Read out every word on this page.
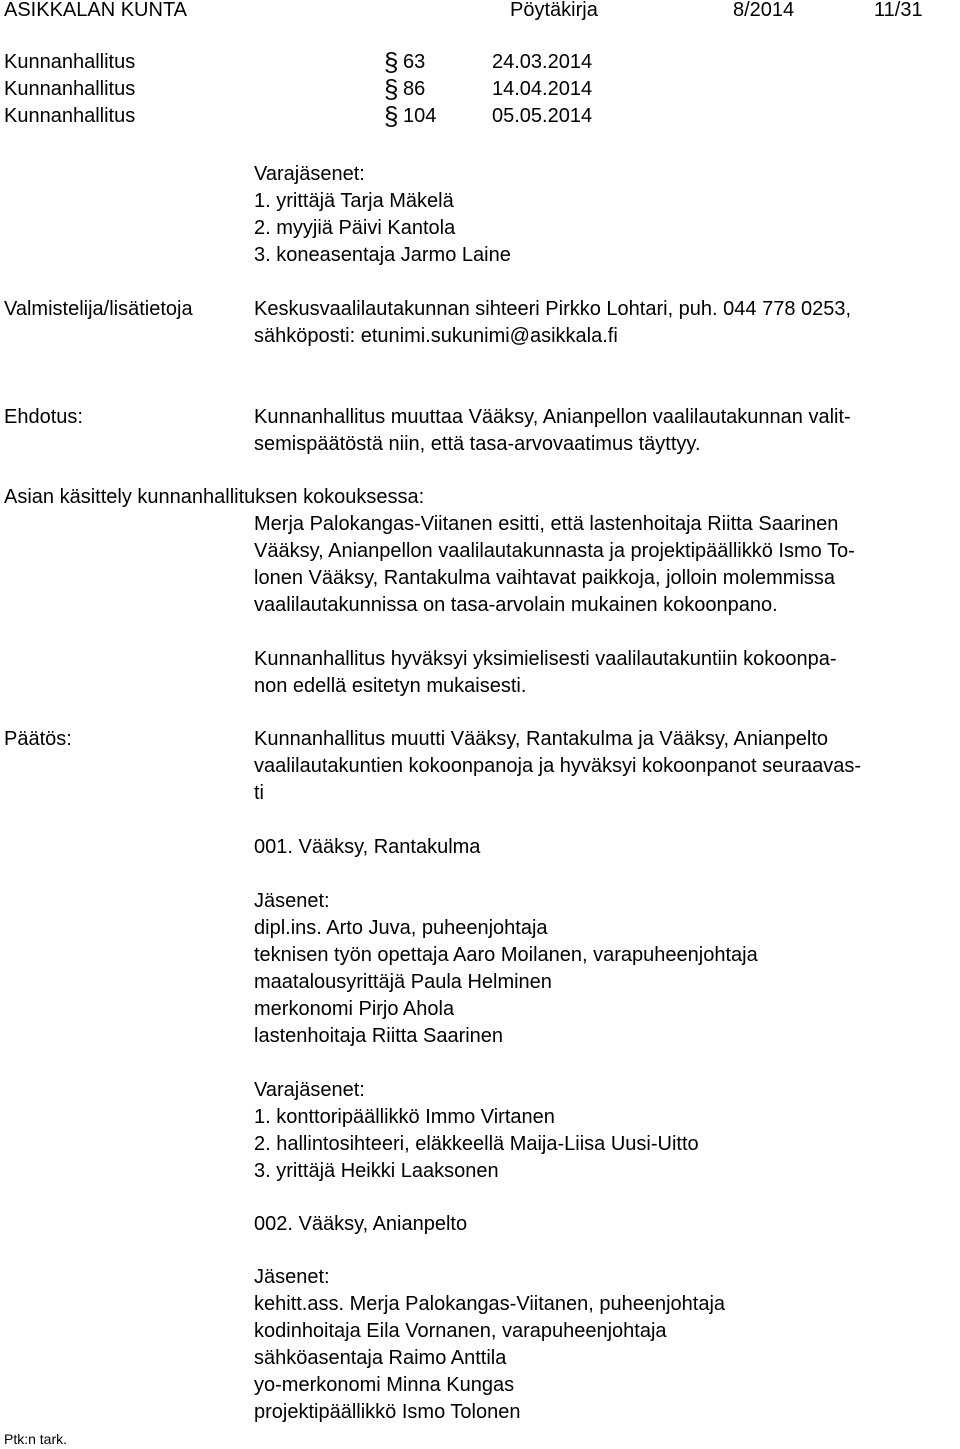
ASIKKALAN KUNTA	Pöytäkirja	8/2014	11/31
Kunnanhallitus	§ 63	24.03.2014
Kunnanhallitus	§ 86	14.04.2014
Kunnanhallitus	§ 104	05.05.2014
Varajäsenet:
1. yrittäjä Tarja Mäkelä
2. myyjiä Päivi Kantola
3. koneasentaja Jarmo Laine
Valmistelija/lisätietoja	Keskusvaalilautakunnan sihteeri Pirkko Lohtari, puh. 044 778 0253,
sähköposti: etunimi.sukunimi@asikkala.fi
Ehdotus:	Kunnanhallitus muuttaa Vääksy, Anianpellon vaalilautakunnan valit-
semispäätöstä niin, että tasa-arvovaatimus täyttyy.
Asian käsittely kunnanhallituksen kokouksessa:
Merja Palokangas-Viitanen esitti, että lastenhoitaja Riitta Saarinen
Vääksy, Anianpellon vaalilautakunnasta ja projektipäällikkö Ismo To-
lonen Vääksy, Rantakulma vaihtavat paikkoja, jolloin molemmissa
vaalilautakunnissa on tasa-arvolain mukainen kokoonpano.
Kunnanhallitus hyväksyi yksimielisesti vaalilautakuntiin kokoonpa-
non edellä esitetyn mukaisesti.
Päätös:	Kunnanhallitus muutti Vääksy, Rantakulma ja Vääksy, Anianpelto
vaalilautakuntien kokoonpanoja ja hyväksyi kokoonpanot seuraavas-
ti
001. Vääksy, Rantakulma
Jäsenet:
dipl.ins. Arto Juva, puheenjohtaja
teknisen työn opettaja Aaro Moilanen, varapuheenjohtaja
maatalousyrittäjä Paula Helminen
merkonomi Pirjo Ahola
lastenhoitaja Riitta Saarinen
Varajäsenet:
1. konttoripäällikkö Immo Virtanen
2. hallintosihteeri, eläkkeellä Maija-Liisa Uusi-Uitto
3. yrittäjä Heikki Laaksonen
002. Vääksy, Anianpelto
Jäsenet:
kehitt.ass. Merja Palokangas-Viitanen, puheenjohtaja
kodinhoitaja Eila Vornanen, varapuheenjohtaja
sähköasentaja Raimo Anttila
yo-merkonomi Minna Kungas
projektipäällikkö Ismo Tolonen
Ptk:n tark.
